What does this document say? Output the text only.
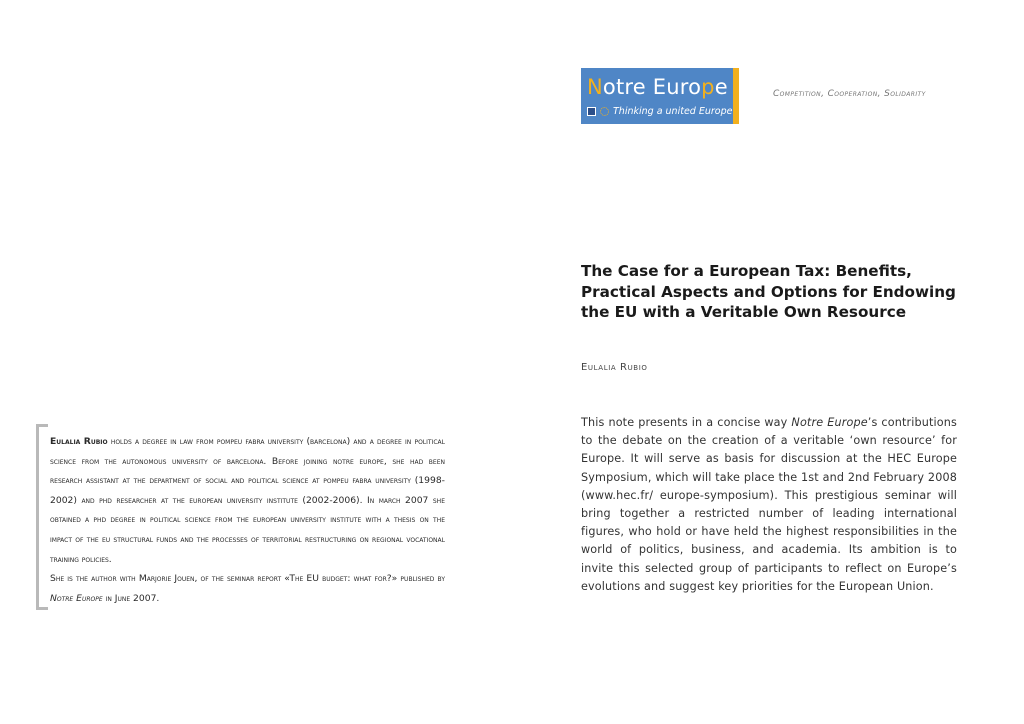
Notre Europe
Thinking a united Europe
Competition, Cooperation, Solidarity
The Case for a European Tax: Benefits, Practical Aspects and Options for Endowing the EU with a Veritable Own Resource
Eulalia Rubio

This note presents in a concise way Notre Europe’s contributions to the debate on the creation of a veritable ‘own resource’ for Europe. It will serve as basis for discussion at the HEC Europe Symposium, which will take place the 1st and 2nd February 2008 (www.hec.fr/ europe-symposium). This prestigious seminar will bring together a restricted number of leading international figures, who hold or have held the highest responsibilities in the world of politics, business, and academia. Its ambition is to invite this selected group of participants to reflect on Europe’s evolutions and suggest key priorities for the European Union.

Eulalia Rubio holds a degree in law from pompeu fabra university (barcelona) and a degree in political science from the autonomous university of barcelona. Before joining notre europe, she had been research assistant at the department of social and political science at pompeu fabra university (1998-2002) and phd researcher at the european university institute (2002-2006). In march 2007 she obtained a phd degree in political science from the european university institute with a thesis on the impact of the eu structural funds and the processes of territorial restructuring on regional vocational training policies.

She is the author with Marjorie Jouen, of the seminar report «The EU budget: what for?» published by Notre Europe in June 2007.
